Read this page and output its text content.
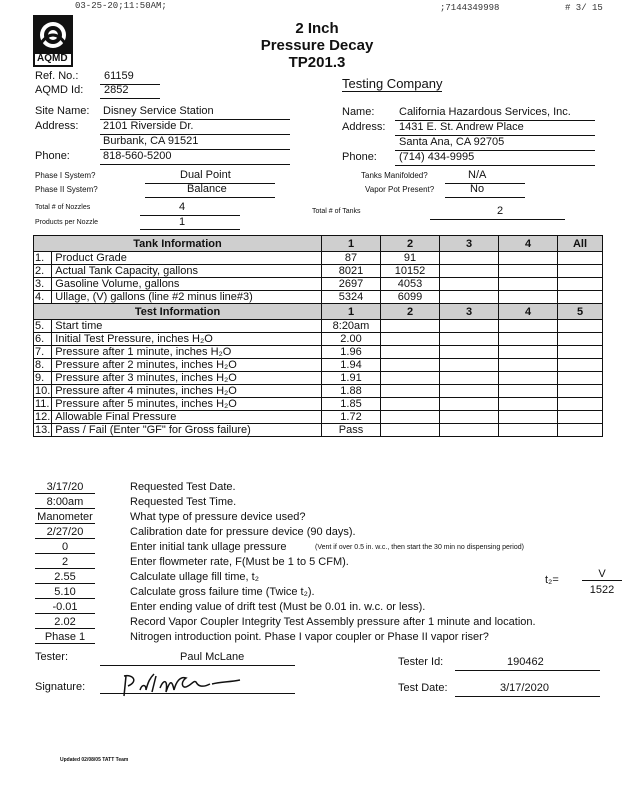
03-25-20;11:50AM;	;7144349998	# 3/ 15
AQMD
2 Inch
Pressure Decay
TP201.3
Ref. No.: 61159
AQMD Id: 2852
Site Name: Disney Service Station
Address: 2101 Riverside Dr.
Burbank, CA 91521
Phone:	818-560-5200
Testing Company
Name: California Hazardous Services, Inc.
Address: 1431 E. St. Andrew Place
Santa Ana, CA 92705
Phone: (714) 434-9995
Phase I System?	Dual Point
Phase II System?	Balance
Tanks Manifolded?	N/A
Vapor Pot Present?	No
Total # of Nozzles	4
Products per Nozzle	1
Total # of Tanks	2
Tank Information		1	2	3	4	All
1.	Product Grade	87	91			
2.	Actual Tank Capacity, gallons	8021	10152			
3.	Gasoline Volume, gallons	2697	4053			
4.	Ullage, (V) gallons (line #2 minus line#3)	5324	6099			
Test Information		1	2	3	4	5
5.	Start time	8:20am				
6.	Initial Test Pressure, inches H₂O	2.00				
7.	Pressure after 1 minute, inches H₂O	1.96				
8.	Pressure after 2 minutes, inches H₂O	1.94				
9.	Pressure after 3 minutes, inches H₂O	1.91				
10.	Pressure after 4 minutes, inches H₂O	1.88				
11.	Pressure after 5 minutes, inches H₂O	1.85				
12.	Allowable Final Pressure	1.72				
13.	Pass / Fail (Enter "GF" for Gross failure)	Pass				
3/17/20	Requested Test Date.
8:00am	Requested Test Time.
Manometer	What type of pressure device used?
2/27/20	Calibration date for pressure device (90 days).
0	Enter initial tank ullage pressure	(Vent if over 0.5 in. w.c., then start the 30 min no dispensing period)
2	Enter flowmeter rate, F(Must be 1 to 5 CFM).
2.55	Calculate ullage fill time, t₂
5.10	Calculate gross failure time (Twice t₂).
-0.01	Enter ending value of drift test (Must be 0.01 in. w.c. or less).
2.02	Record Vapor Coupler Integrity Test Assembly pressure after 1 minute and location.
Phase 1	Nitrogen introduction point. Phase I vapor coupler or Phase II vapor riser?
t₂=	V
1522
Tester:	Paul McLane	Tester Id:	190462
Signature:	Test Date:	3/17/2020
Updated 02/08/05 TATT Team
